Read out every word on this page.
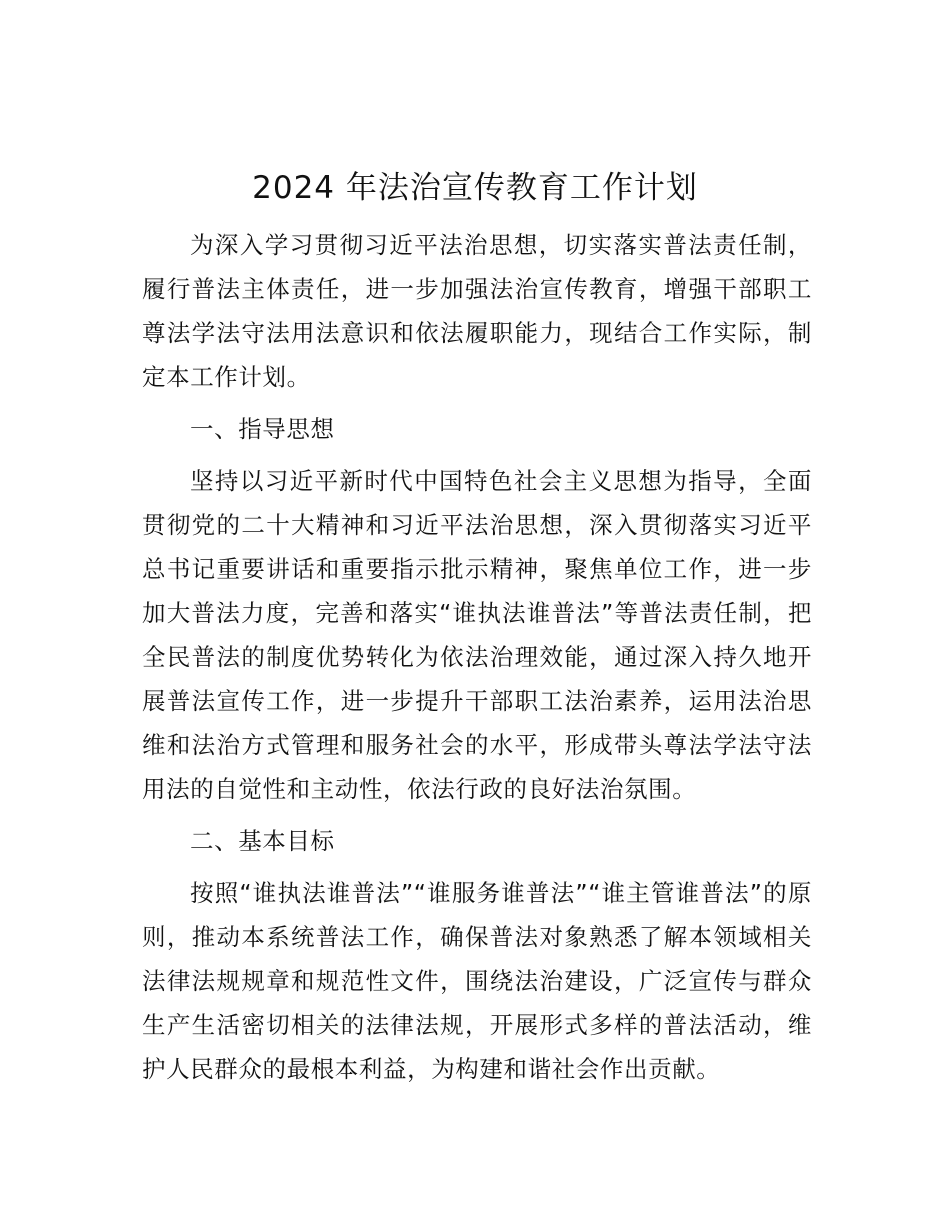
2024 年法治宣传教育工作计划

为深入学习贯彻习近平法治思想，切实落实普法责任制，履行普法主体责任，进一步加强法治宣传教育，增强干部职工尊法学法守法用法意识和依法履职能力，现结合工作实际，制定本工作计划。

一、指导思想

坚持以习近平新时代中国特色社会主义思想为指导，全面贯彻党的二十大精神和习近平法治思想，深入贯彻落实习近平总书记重要讲话和重要指示批示精神，聚焦单位工作，进一步加大普法力度，完善和落实“谁执法谁普法”等普法责任制，把全民普法的制度优势转化为依法治理效能，通过深入持久地开展普法宣传工作，进一步提升干部职工法治素养，运用法治思维和法治方式管理和服务社会的水平，形成带头尊法学法守法用法的自觉性和主动性，依法行政的良好法治氛围。

二、基本目标

按照“谁执法谁普法”“谁服务谁普法”“谁主管谁普法”的原则，推动本系统普法工作，确保普法对象熟悉了解本领域相关法律法规规章和规范性文件，围绕法治建设，广泛宣传与群众生产生活密切相关的法律法规，开展形式多样的普法活动，维护人民群众的最根本利益，为构建和谐社会作出贡献。
